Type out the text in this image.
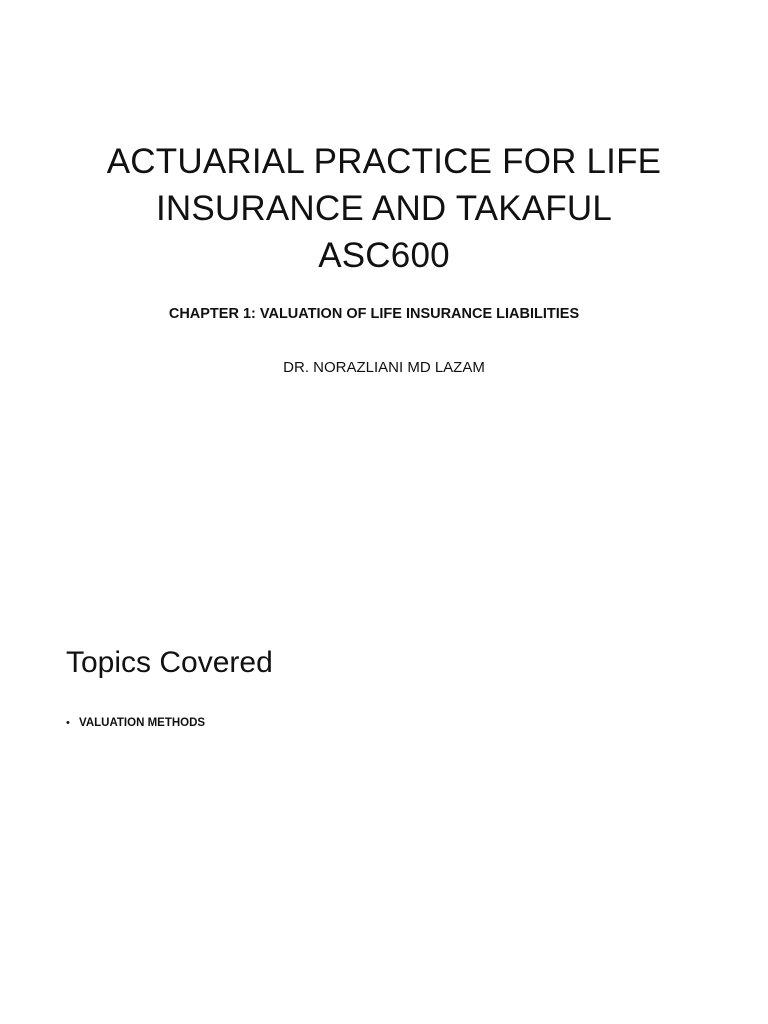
ACTUARIAL PRACTICE FOR LIFE
INSURANCE AND TAKAFUL
ASC600

CHAPTER 1: VALUATION OF LIFE INSURANCE LIABILITIES

DR. NORAZLIANI MD LAZAM

Topics Covered
• VALUATION METHODS
